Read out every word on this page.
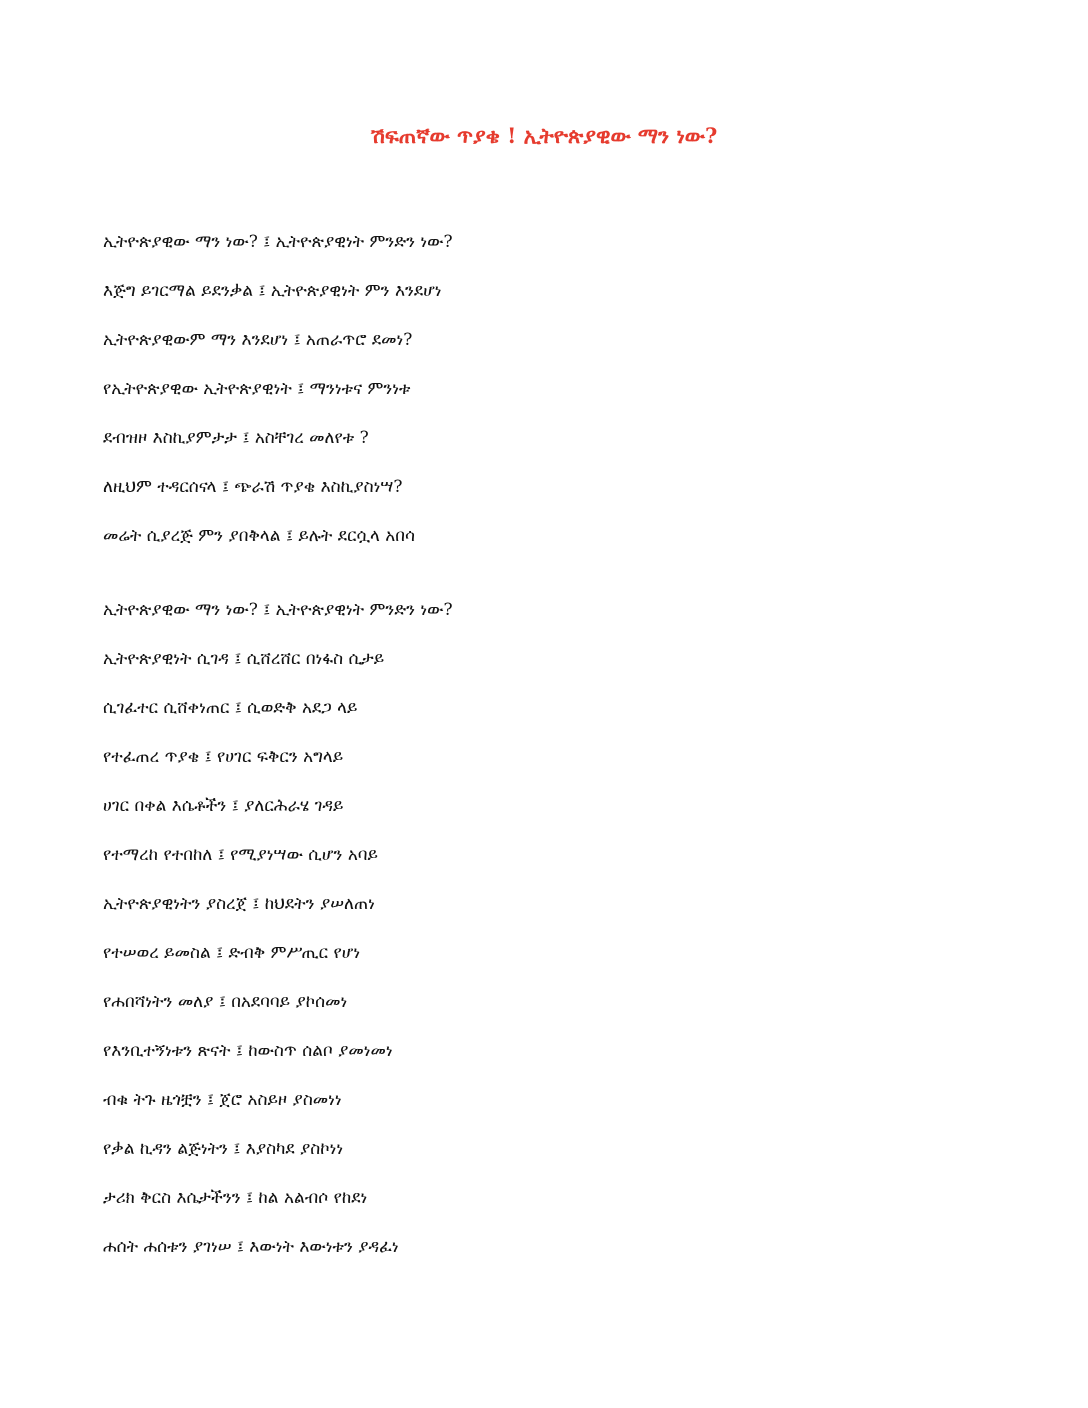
ሽፍጠኛው ጥያቄ ! ኢትዮጵያዊው ማን ነው?
ኢትዮጵያዊው ማን ነው? ፤ ኢትዮጵያዊነት ምንድን ነው?
እጅግ ይገርማል ይደንቃል ፤ ኢትዮጵያዊነት ምን እንደሆነ
ኢትዮጵያዊውም ማን እንደሆነ ፤ አጠራጥሮ ደመነ?
የኢትዮጵያዊው ኢትዮጵያዊነት ፤ ማንነቱና ምንነቱ
ደብዝዞ እስኪያምታታ ፤ አስቸገረ መለየቱ ?
ለዚህም ተዳርሰናላ ፤ ጭራሽ ጥያቄ እስኪያስነሣ?
መሬት ሲያረጅ ምን ያበቅላል ፤ ይሉት ደርሷላ አበሳ
ኢትዮጵያዊው ማን ነው? ፤ ኢትዮጵያዊነት ምንድን ነው?
ኢትዮጵያዊነት ሲገዳ ፤ ሲሸረሸር በነፋስ ሲታይ
ሲገፈተር ሲሸቀነጠር ፤ ሲወድቅ አደጋ ላይ
የተፈጠረ ጥያቄ ፤ የሀገር ፍቅርን አግላይ
ሀገር በቀል እሴቶችን ፤ ያለርሕራሄ ገዳይ
የተማረከ የተበከለ ፤ የሚያነሣው ሲሆን አባይ
ኢትዮጵያዊነትን ያስረጀ ፤ ከህደትን ያሠለጠነ
የተሠወረ ይመስል ፤ ድብቅ ምሥጢር የሆነ
የሐበሻነትን መለያ ፤ በአደባባይ ያኮሰመነ
የእንቢተኝነቱን ጽናት ፤ ከውስጥ ሰልቦ ያመነመነ
ብቁ ትጉ ዜጎቿን ፤ ጀሮ አስይዞ ያስመነነ
የቃል ኪዳን ልጅነትን ፤ እያስካደ ያስኮነነ
ታሪክ ቅርስ እሴታችንን ፤ ከል አልብሶ የከደነ
ሐሰት ሐሰቱን ያገነሠ ፤ እውነት እውነቱን ያዳፈነ
